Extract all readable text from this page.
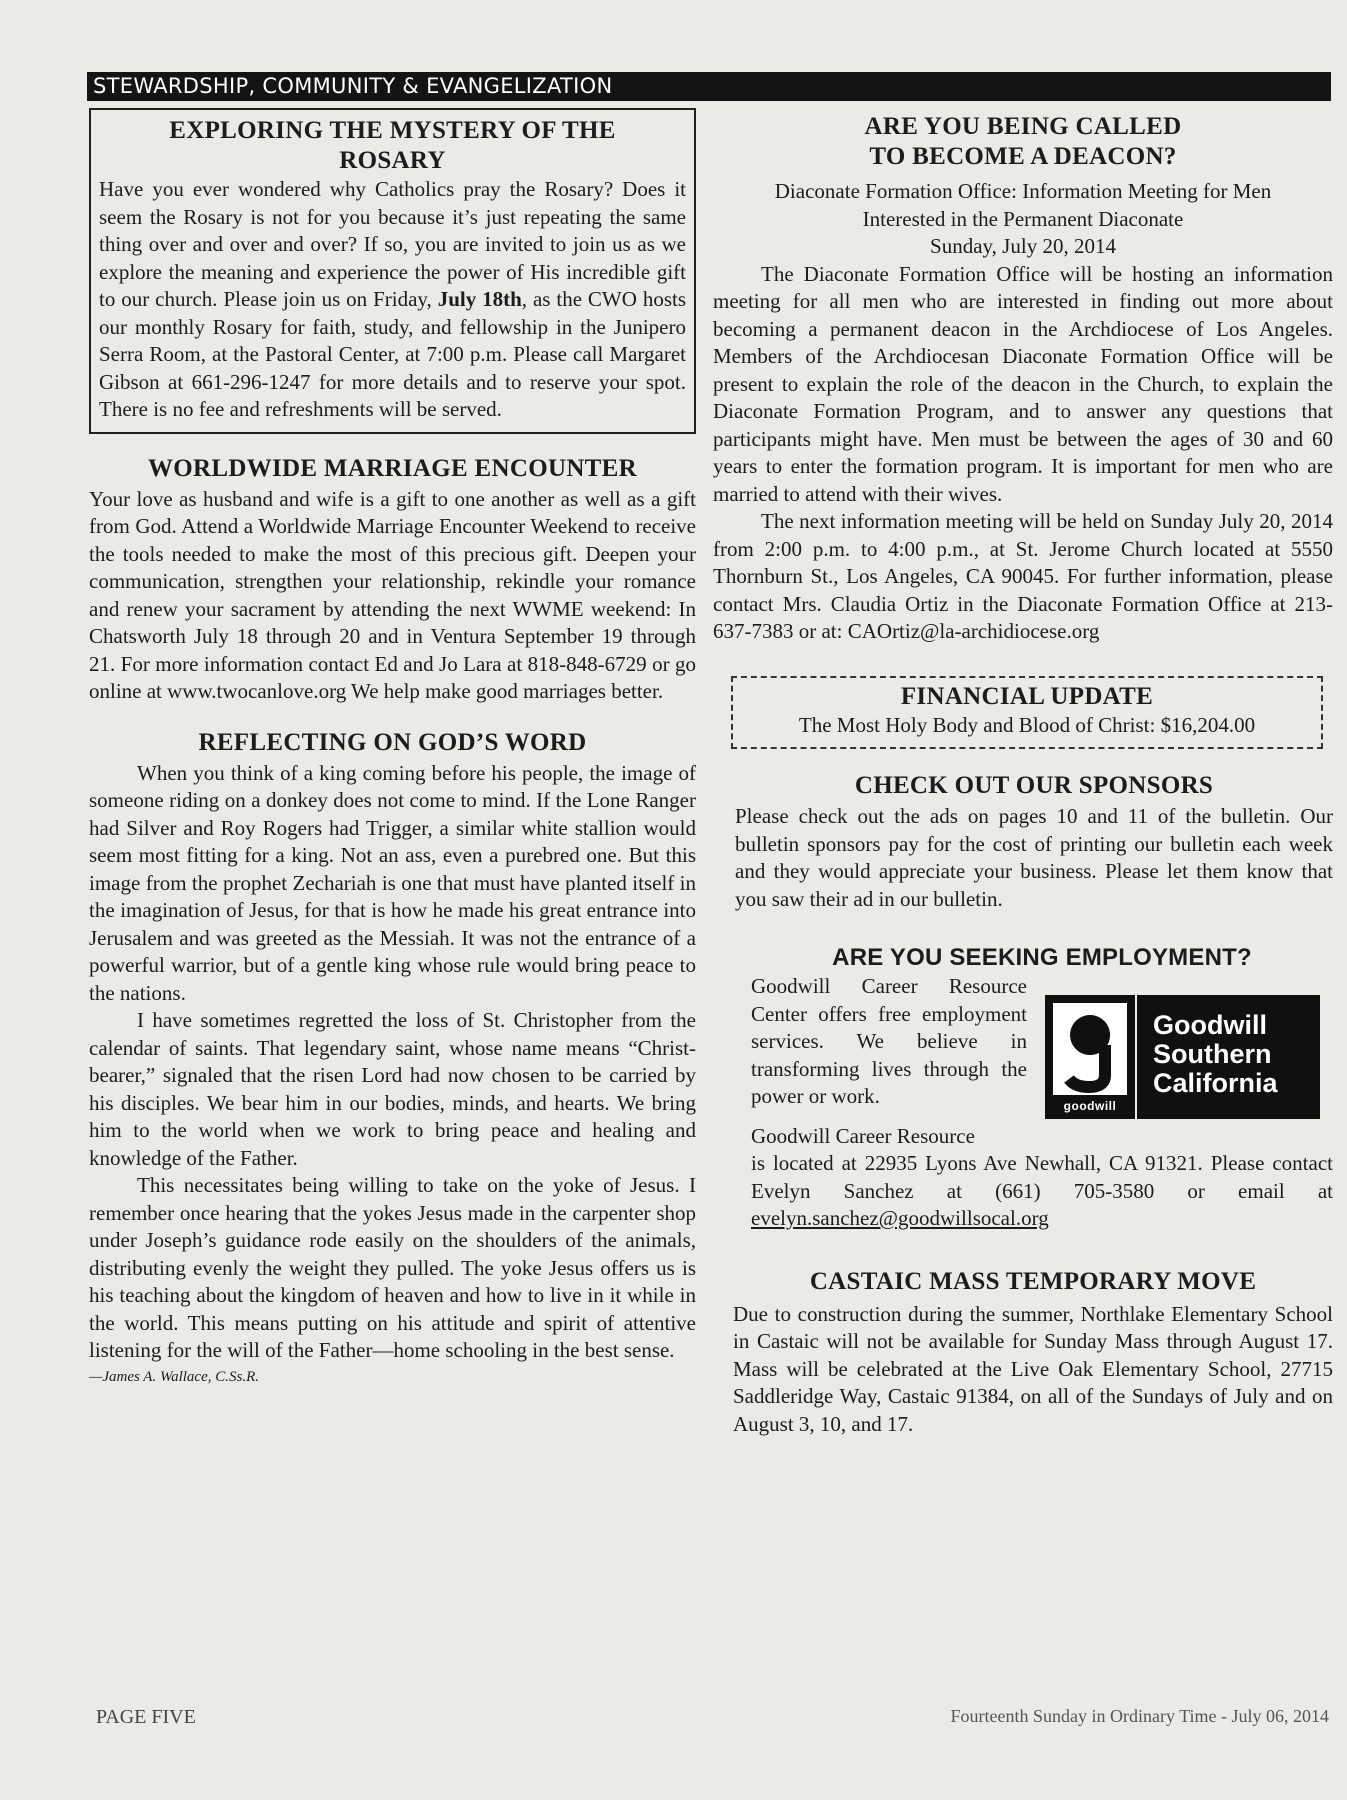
STEWARDSHIP, COMMUNITY & EVANGELIZATION
EXPLORING THE MYSTERY OF THE ROSARY

Have you ever wondered why Catholics pray the Rosary? Does it seem the Rosary is not for you because it’s just repeating the same thing over and over and over? If so, you are invited to join us as we explore the meaning and experience the power of His incredible gift to our church. Please join us on Friday, July 18th, as the CWO hosts our monthly Rosary for faith, study, and fellowship in the Junipero Serra Room, at the Pastoral Center, at 7:00 p.m. Please call Margaret Gibson at 661-296-1247 for more details and to reserve your spot. There is no fee and refreshments will be served.

WORLDWIDE MARRIAGE ENCOUNTER

Your love as husband and wife is a gift to one another as well as a gift from God. Attend a Worldwide Marriage Encounter Weekend to receive the tools needed to make the most of this precious gift. Deepen your communication, strengthen your relationship, rekindle your romance and renew your sacrament by attending the next WWME weekend: In Chatsworth July 18 through 20 and in Ventura September 19 through 21. For more information contact Ed and Jo Lara at 818-848-6729 or go online at www.twocanlove.org We help make good marriages better.

REFLECTING ON GOD’S WORD

When you think of a king coming before his people, the image of someone riding on a donkey does not come to mind. If the Lone Ranger had Silver and Roy Rogers had Trigger, a similar white stallion would seem most fitting for a king. Not an ass, even a purebred one. But this image from the prophet Zechariah is one that must have planted itself in the imagination of Jesus, for that is how he made his great entrance into Jerusalem and was greeted as the Messiah. It was not the entrance of a powerful warrior, but of a gentle king whose rule would bring peace to the nations.

I have sometimes regretted the loss of St. Christopher from the calendar of saints. That legendary saint, whose name means “Christ-bearer,” signaled that the risen Lord had now chosen to be carried by his disciples. We bear him in our bodies, minds, and hearts. We bring him to the world when we work to bring peace and healing and knowledge of the Father.

This necessitates being willing to take on the yoke of Jesus. I remember once hearing that the yokes Jesus made in the carpenter shop under Joseph’s guidance rode easily on the shoulders of the animals, distributing evenly the weight they pulled. The yoke Jesus offers us is his teaching about the kingdom of heaven and how to live in it while in the world. This means putting on his attitude and spirit of attentive listening for the will of the Father—home schooling in the best sense.

—James A. Wallace, C.Ss.R.
ARE YOU BEING CALLED
TO BECOME A DEACON?

Diaconate Formation Office: Information Meeting for Men

Interested in the Permanent Diaconate

Sunday, July 20, 2014

The Diaconate Formation Office will be hosting an information meeting for all men who are interested in finding out more about becoming a permanent deacon in the Archdiocese of Los Angeles. Members of the Archdiocesan Diaconate Formation Office will be present to explain the role of the deacon in the Church, to explain the Diaconate Formation Program, and to answer any questions that participants might have. Men must be between the ages of 30 and 60 years to enter the formation program. It is important for men who are married to attend with their wives.

The next information meeting will be held on Sunday July 20, 2014 from 2:00 p.m. to 4:00 p.m., at St. Jerome Church located at 5550 Thornburn St., Los Angeles, CA 90045. For further information, please contact Mrs. Claudia Ortiz in the Diaconate Formation Office at 213-637-7383 or at: CAOrtiz@la-archidiocese.org

FINANCIAL UPDATE

The Most Holy Body and Blood of Christ: $16,204.00

CHECK OUT OUR SPONSORS

Please check out the ads on pages 10 and 11 of the bulletin. Our bulletin sponsors pay for the cost of printing our bulletin each week and they would appreciate your business. Please let them know that you saw their ad in our bulletin.

ARE YOU SEEKING EMPLOYMENT?

Goodwill Career Resource Center offers free employment services. We believe in transforming lives through the power or work.	goodwill
Goodwill
Southern
California

Goodwill Career Resource

is located at 22935 Lyons Ave Newhall, CA 91321. Please contact Evelyn Sanchez at (661) 705-3580 or email at evelyn.sanchez@goodwillsocal.org

CASTAIC MASS TEMPORARY MOVE

Due to construction during the summer, Northlake Elementary School in Castaic will not be available for Sunday Mass through August 17. Mass will be celebrated at the Live Oak Elementary School, 27715 Saddleridge Way, Castaic 91384, on all of the Sundays of July and on August 3, 10, and 17.

PAGE FIVE	Fourteenth Sunday in Ordinary Time - July 06, 2014
